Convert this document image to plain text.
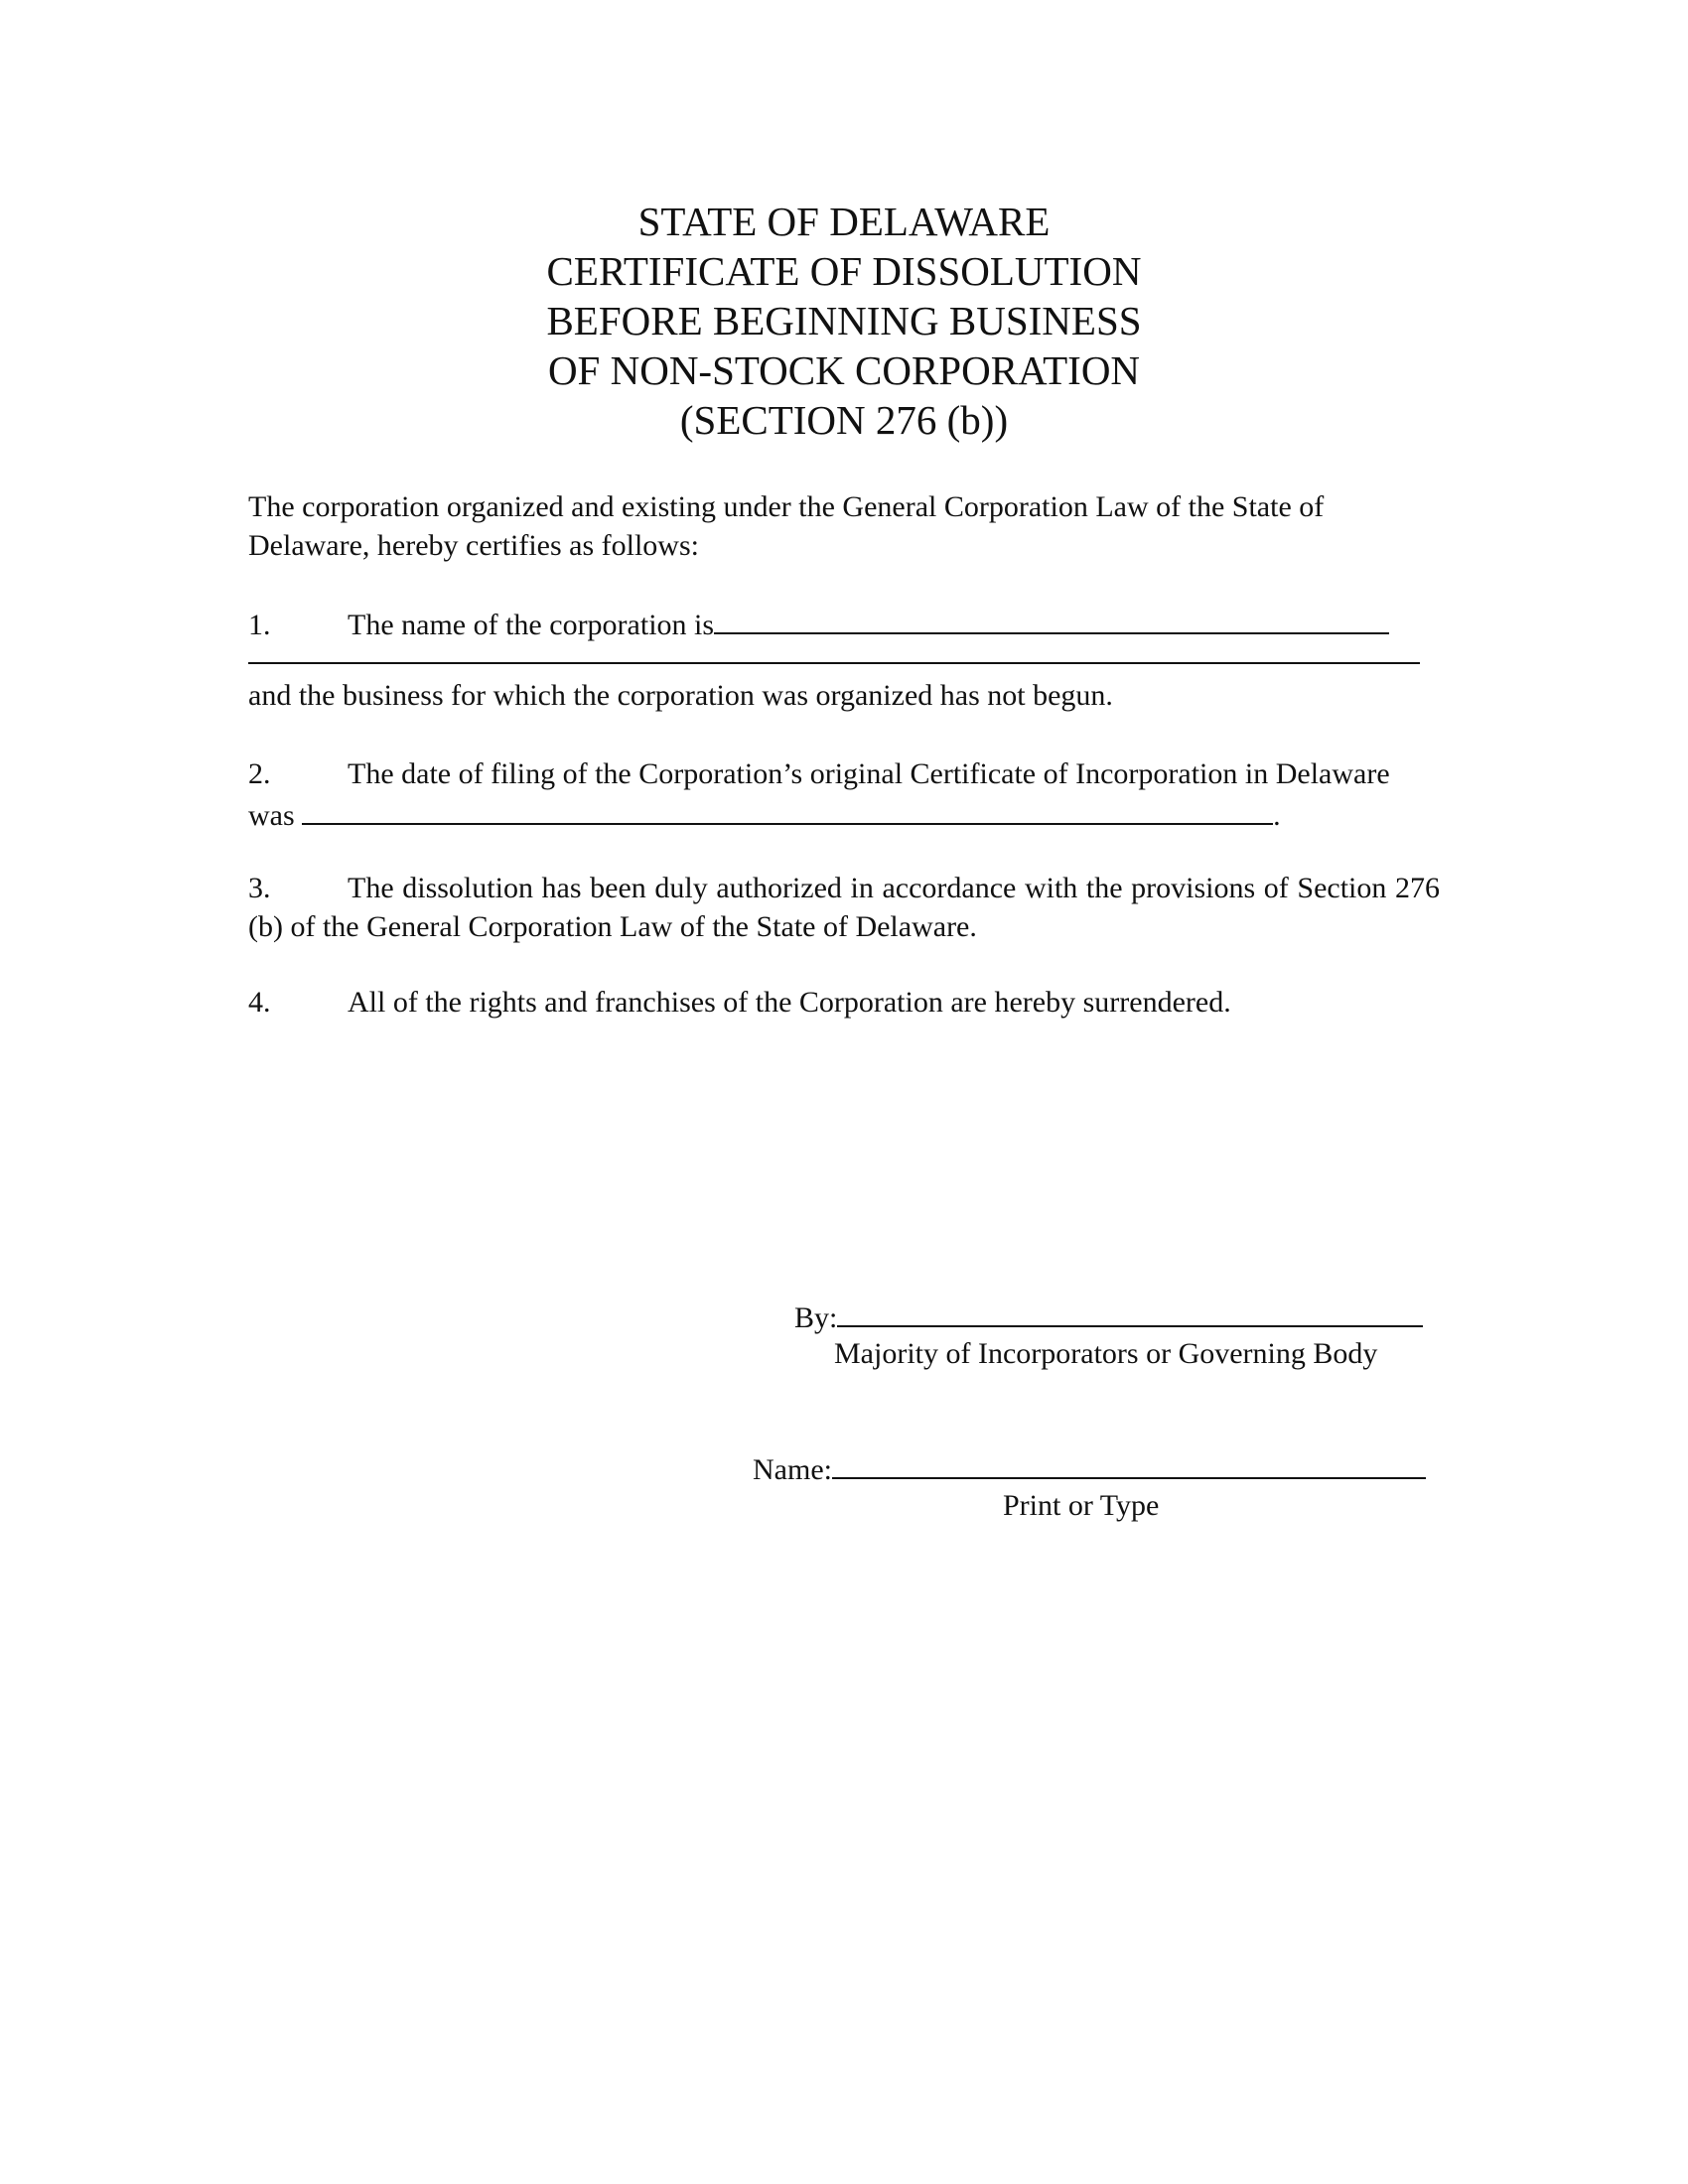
STATE OF DELAWARE
CERTIFICATE OF DISSOLUTION
BEFORE BEGINNING BUSINESS
OF NON-STOCK CORPORATION
(SECTION 276 (b))
The corporation organized and existing under the General Corporation Law of the State of Delaware, hereby certifies as follows:
1.	The name of the corporation is
and the business for which the corporation was organized has not begun.
2.	The date of filing of the Corporation’s original Certificate of Incorporation in Delaware was	.
3.	The dissolution has been duly authorized in accordance with the provisions of Section 276 (b) of the General Corporation Law of the State of Delaware.
4.	All of the rights and franchises of the Corporation are hereby surrendered.
By:
Majority of Incorporators or Governing Body
Name:
Print or Type
